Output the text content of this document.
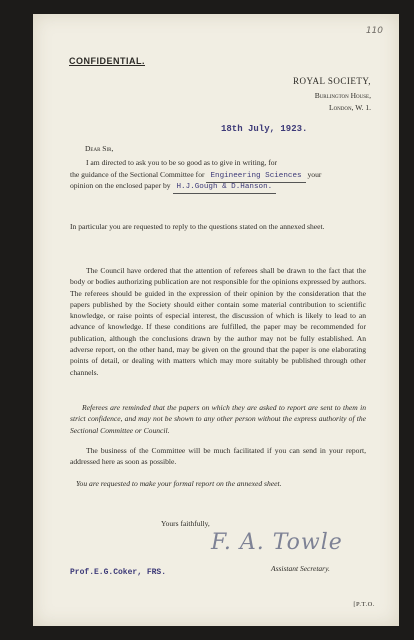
110
CONFIDENTIAL.
ROYAL SOCIETY,
Burlington House,
London, W. 1.
18th July, 1923.
Dear Sir,
I am directed to ask you to be so good as to give in writing, for
the guidance of the Sectional Committee for Engineering Sciences your
opinion on the enclosed paper by H.J.Gough & D.Hanson.
In particular you are requested to reply to the questions stated on the annexed sheet.
The Council have ordered that the attention of referees shall be drawn to the fact that the body or bodies authorizing publication are not responsible for the opinions expressed by authors. The referees should be guided in the expression of their opinion by the consideration that the papers published by the Society should either contain some material contribution to scientific knowledge, or raise points of especial interest, the discussion of which is likely to lead to an advance of knowledge. If these conditions are fulfilled, the paper may be recommended for publication, although the conclusions drawn by the author may not be fully established. An adverse report, on the other hand, may be given on the ground that the paper is one elaborating points of detail, or dealing with matters which may more suitably be published through other channels.
Referees are reminded that the papers on which they are asked to report are sent to them in strict confidence, and may not be shown to any other person without the express authority of the Sectional Committee or Council.
The business of the Committee will be much facilitated if you can send in your report, addressed here as soon as possible.
You are requested to make your formal report on the annexed sheet.
Yours faithfully,
F. A. Towle
Assistant Secretary.
Prof.E.G.Coker, FRS.
[P.T.O.
